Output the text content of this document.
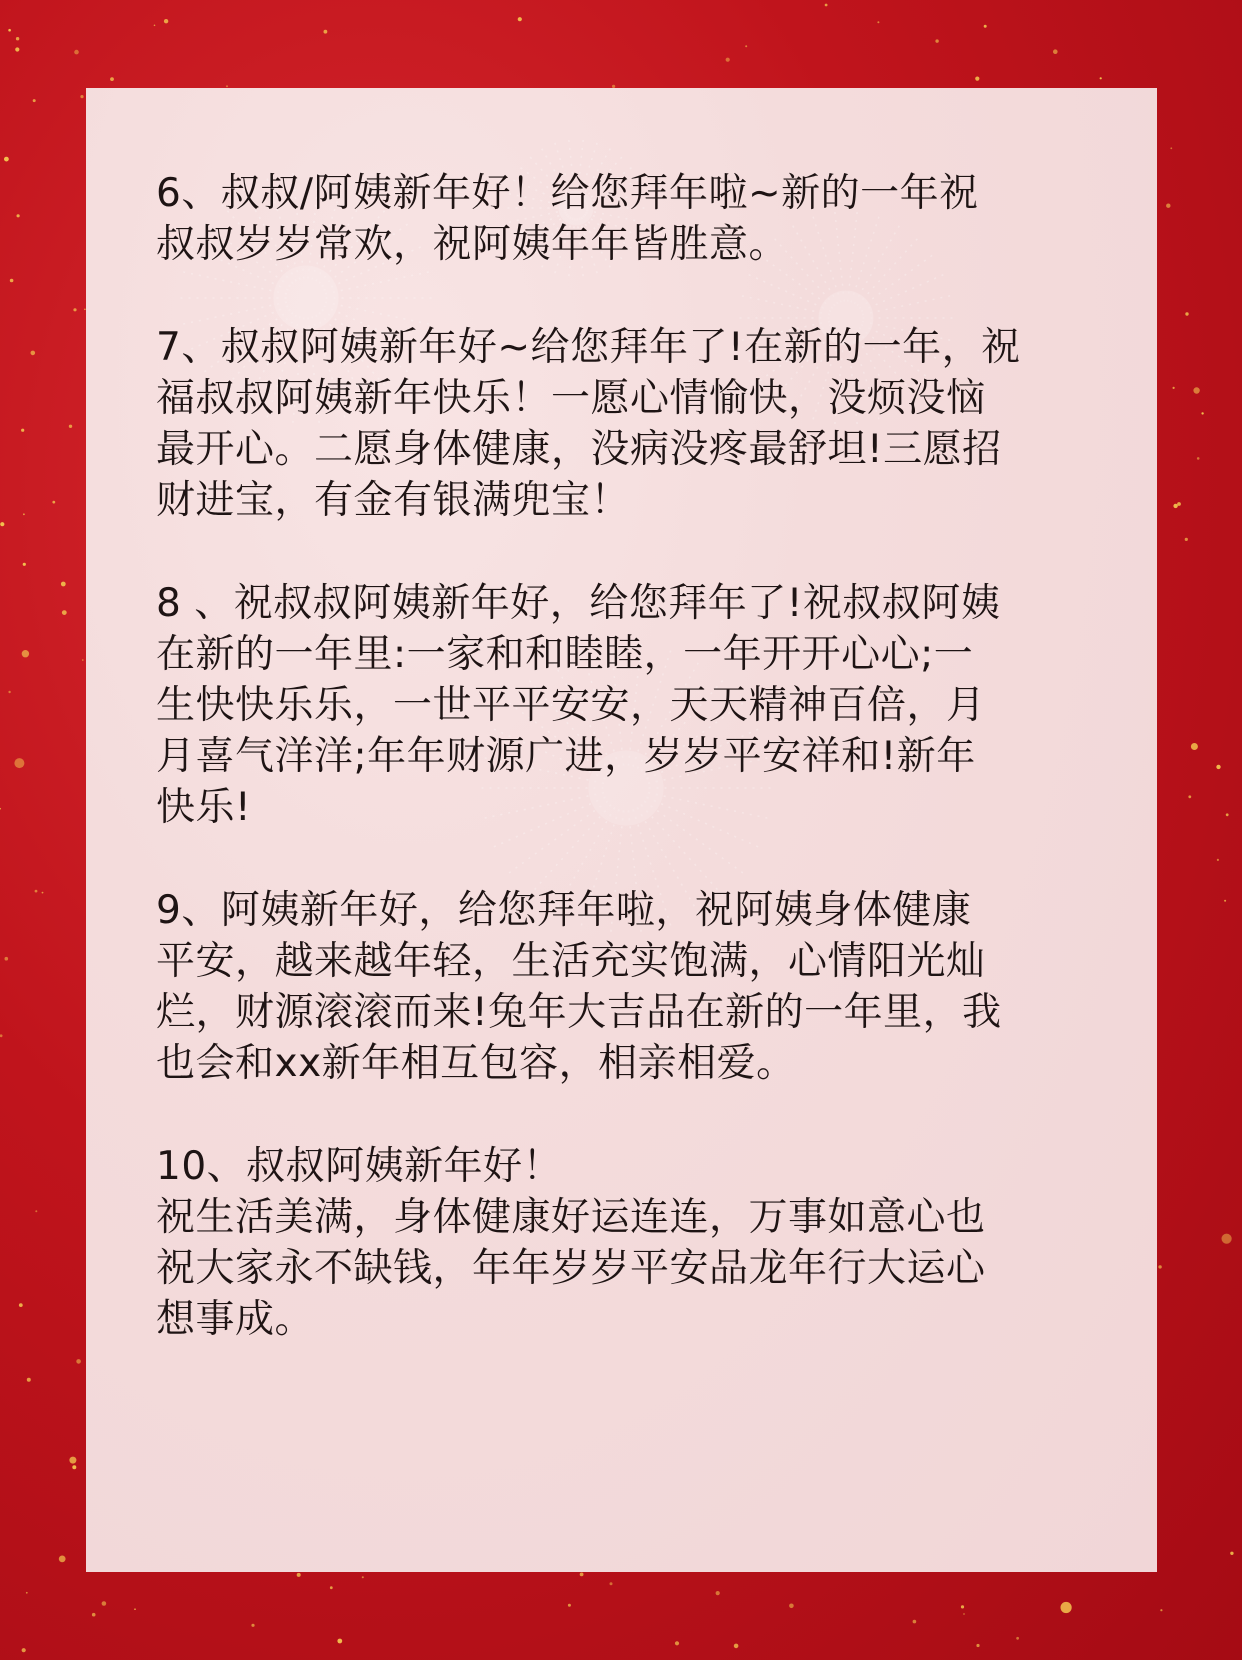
6、叔叔/阿姨新年好！给您拜年啦~新的一年祝
叔叔岁岁常欢，祝阿姨年年皆胜意。
7、叔叔阿姨新年好~给您拜年了!在新的一年，祝
福叔叔阿姨新年快乐！一愿心情愉快，没烦没恼
最开心。二愿身体健康，没病没疼最舒坦!三愿招
财进宝，有金有银满兜宝！
8 、祝叔叔阿姨新年好，给您拜年了!祝叔叔阿姨
在新的一年里:一家和和睦睦，一年开开心心;一
生快快乐乐，一世平平安安，天天精神百倍，月
月喜气洋洋;年年财源广进，岁岁平安祥和!新年
快乐!
9、阿姨新年好，给您拜年啦，祝阿姨身体健康
平安，越来越年轻，生活充实饱满，心情阳光灿
烂，财源滚滚而来!兔年大吉品在新的一年里，我
也会和xx新年相互包容，相亲相爱。
10、叔叔阿姨新年好！
祝生活美满，身体健康好运连连，万事如意心也
祝大家永不缺钱，年年岁岁平安品龙年行大运心
想事成。
